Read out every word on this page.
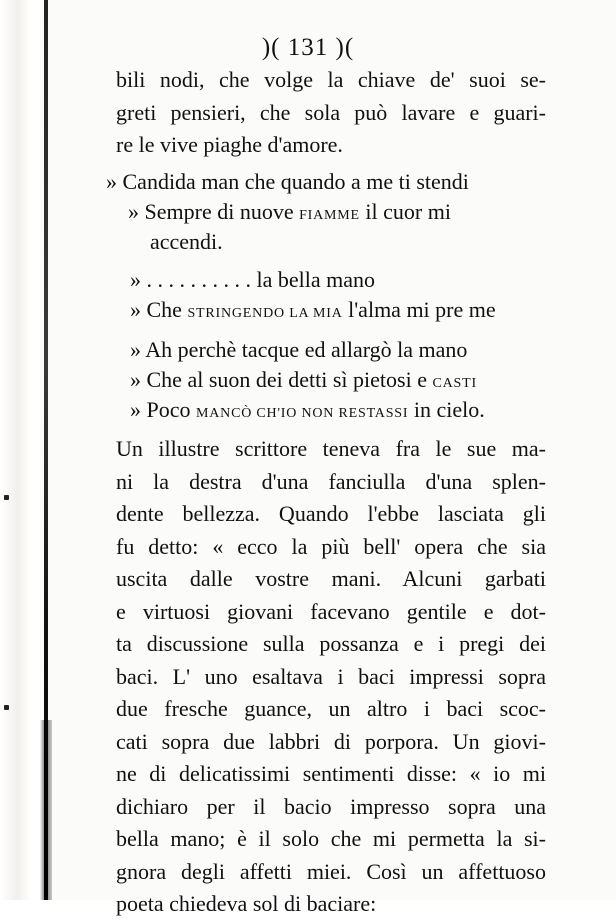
)( 131 )(
bili nodi, che volge la chiave de' suoi se-
greti pensieri, che sola può lavare e guari-
re le vive piaghe d'amore.
» Candida man che quando a me ti stendi
» Sempre di nuove FIAMME il cuor mi
accendi.
» . . . . . . . . . . la bella mano
» Che STRINGENDO LA MIA l'alma mi pre me
» Ah perchè tacque ed allargò la mano
» Che al suon dei detti sì pietosi e CASTI
» Poco MANCÒ CH'IO NON RESTASSI in cielo.
Un illustre scrittore teneva fra le sue ma-
ni la destra d'una fanciulla d'una splen-
dente bellezza. Quando l'ebbe lasciata gli
fu detto: « ecco la più bell' opera che sia
uscita dalle vostre mani. Alcuni garbati
e virtuosi giovani facevano gentile e dot-
ta discussione sulla possanza e i pregi dei
baci. L' uno esaltava i baci impressi sopra
due fresche guance, un altro i baci scoc-
cati sopra due labbri di porpora. Un giovi-
ne di delicatissimi sentimenti disse: « io mi
dichiaro per il bacio impresso sopra una
bella mano; è il solo che mi permetta la si-
gnora degli affetti miei. Così un affettuoso
poeta chiedeva sol di baciare:
